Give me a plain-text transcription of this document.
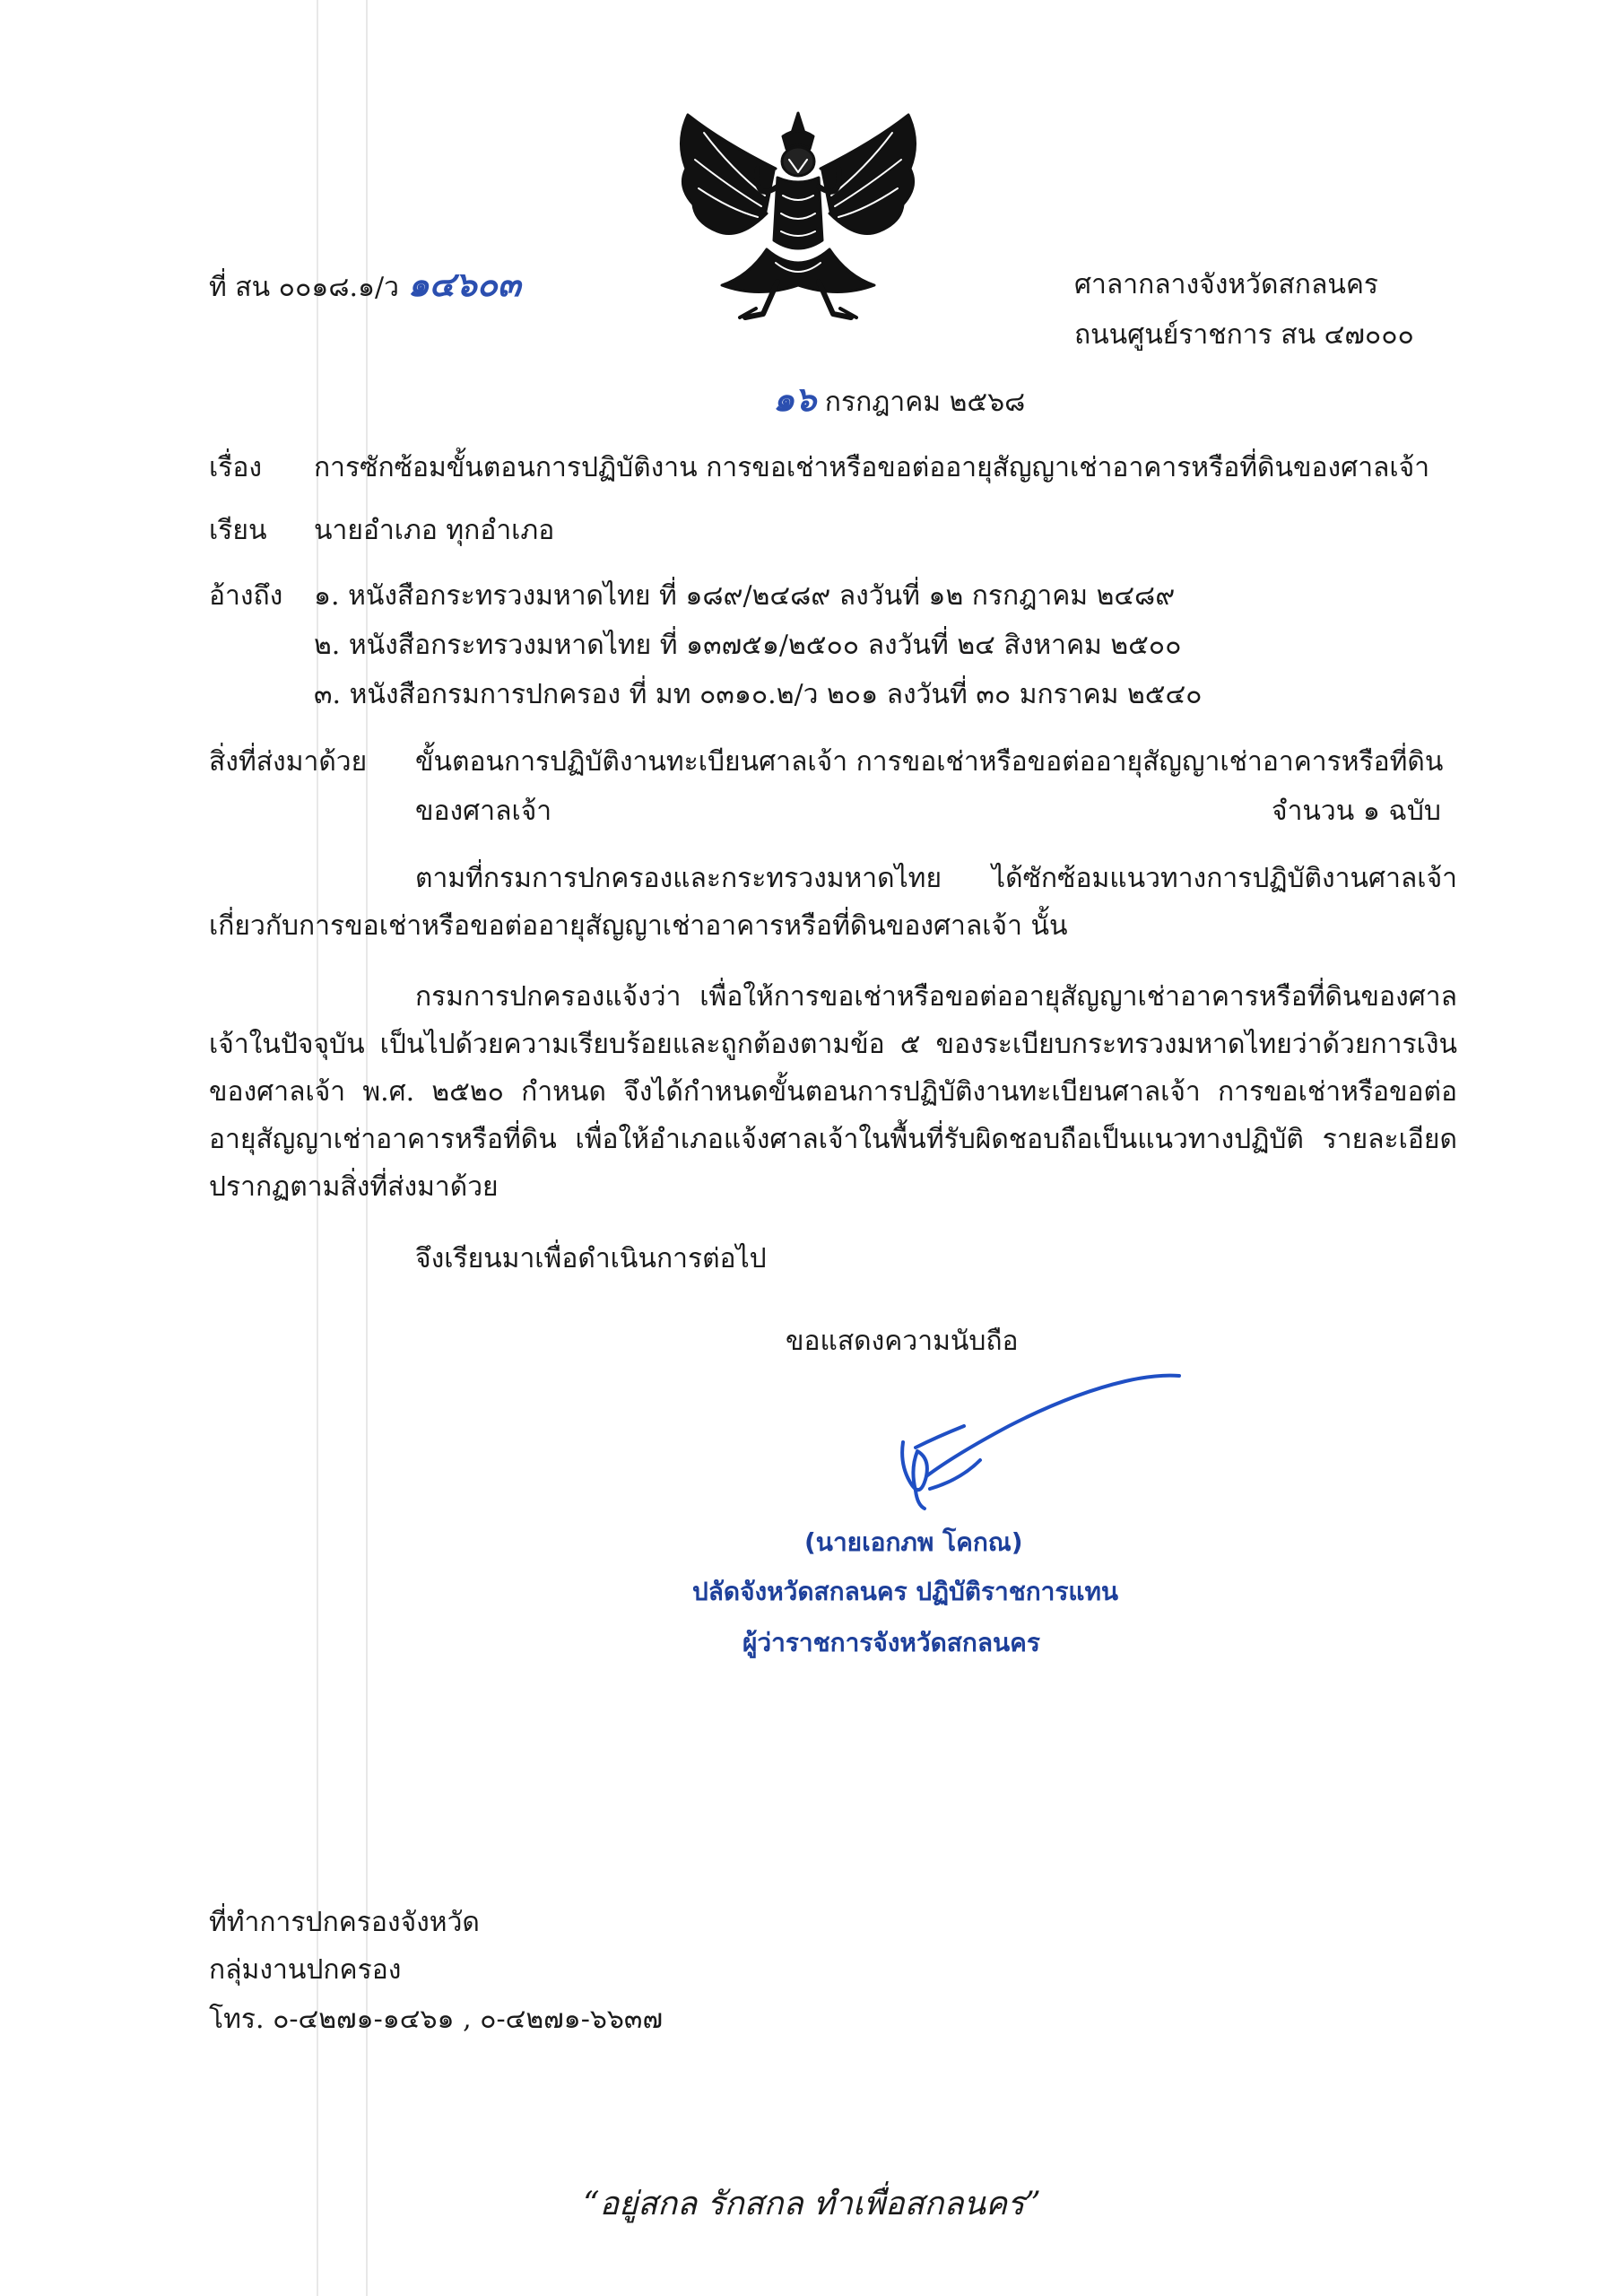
ที่ สน ๐๐๑๘.๑/ว ๑๔๖๐๓	ศาลากลางจังหวัดสกลนคร
ถนนศูนย์ราชการ สน ๔๗๐๐๐
๑๖ กรกฎาคม ๒๕๖๘
เรื่อง การซักซ้อมขั้นตอนการปฏิบัติงาน การขอเช่าหรือขอต่ออายุสัญญาเช่าอาคารหรือที่ดินของศาลเจ้า
เรียน นายอำเภอ ทุกอำเภอ
อ้างถึง ๑. หนังสือกระทรวงมหาดไทย ที่ ๑๘๙/๒๔๘๙ ลงวันที่ ๑๒ กรกฎาคม ๒๔๘๙
๒. หนังสือกระทรวงมหาดไทย ที่ ๑๓๗๕๑/๒๕๐๐ ลงวันที่ ๒๔ สิงหาคม ๒๕๐๐
๓. หนังสือกรมการปกครอง ที่ มท ๐๓๑๐.๒/ว ๒๐๑ ลงวันที่ ๓๐ มกราคม ๒๕๔๐
สิ่งที่ส่งมาด้วย ขั้นตอนการปฏิบัติงานทะเบียนศาลเจ้า การขอเช่าหรือขอต่ออายุสัญญาเช่าอาคารหรือที่ดิน
ของศาลเจ้า	จำนวน ๑ ฉบับ
ตามที่กรมการปกครองและกระทรวงมหาดไทย ได้ซักซ้อมแนวทางการปฏิบัติงานศาลเจ้าเกี่ยวกับการขอเช่าหรือขอต่ออายุสัญญาเช่าอาคารหรือที่ดินของศาลเจ้า นั้น
กรมการปกครองแจ้งว่า เพื่อให้การขอเช่าหรือขอต่ออายุสัญญาเช่าอาคารหรือที่ดินของศาลเจ้าในปัจจุบัน เป็นไปด้วยความเรียบร้อยและถูกต้องตามข้อ ๕ ของระเบียบกระทรวงมหาดไทยว่าด้วยการเงินของศาลเจ้า พ.ศ. ๒๕๒๐ กำหนด จึงได้กำหนดขั้นตอนการปฏิบัติงานทะเบียนศาลเจ้า การขอเช่าหรือขอต่ออายุสัญญาเช่าอาคารหรือที่ดิน เพื่อให้อำเภอแจ้งศาลเจ้าในพื้นที่รับผิดชอบถือเป็นแนวทางปฏิบัติ รายละเอียดปรากฏตามสิ่งที่ส่งมาด้วย
จึงเรียนมาเพื่อดำเนินการต่อไป
ขอแสดงความนับถือ
(นายเอกภพ โคกณ)
ปลัดจังหวัดสกลนคร ปฏิบัติราชการแทน
ผู้ว่าราชการจังหวัดสกลนคร
ที่ทำการปกครองจังหวัด
กลุ่มงานปกครอง
โทร. ๐-๔๒๗๑-๑๔๖๑ , ๐-๔๒๗๑-๖๖๓๗
“อยู่สกล รักสกล ทำเพื่อสกลนคร”
